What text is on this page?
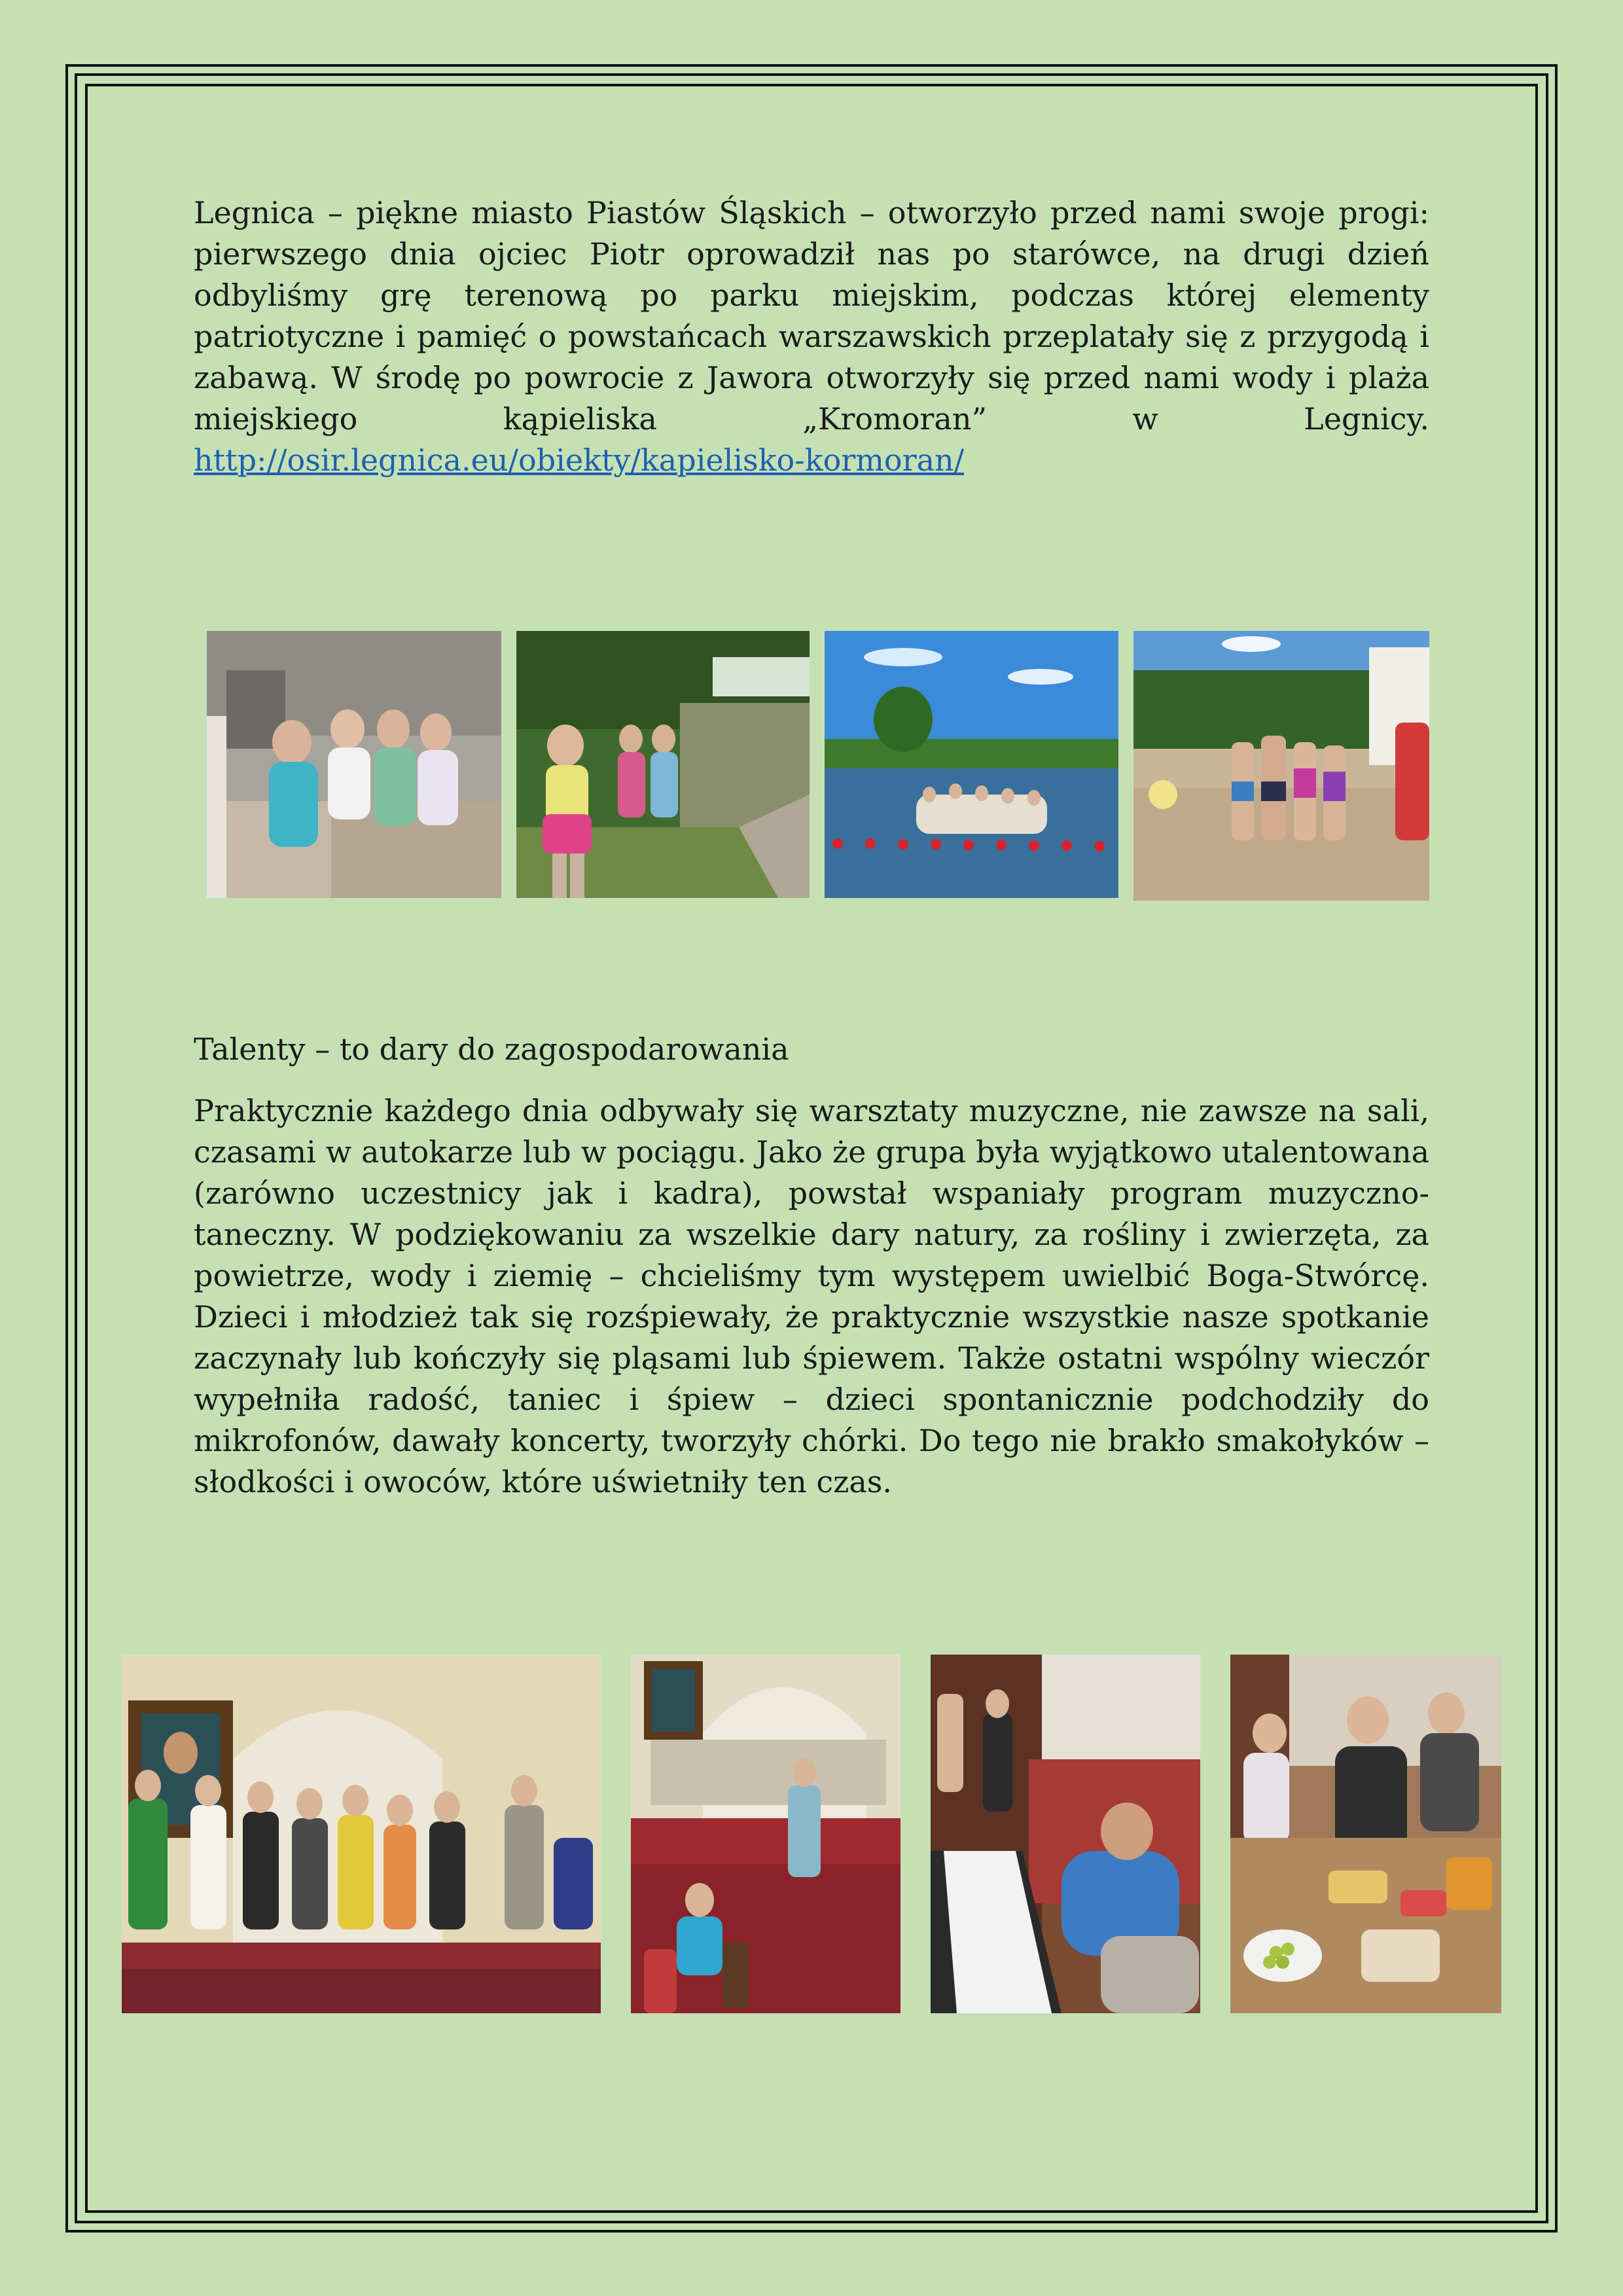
Legnica – piękne miasto Piastów Śląskich – otworzyło przed nami swoje progi: pierwszego dnia ojciec Piotr oprowadził nas po starówce, na drugi dzień odbyliśmy grę terenową po parku miejskim, podczas której elementy patriotyczne i pamięć o powstańcach warszawskich przeplatały się z przygodą i zabawą. W środę po powrocie z Jawora otworzyły się przed nami wody i plaża miejskiego kąpieliska „Kromoran” w Legnicy. http://osir.legnica.eu/obiekty/kapielisko-kormoran/

Talenty – to dary do zagospodarowania

Praktycznie każdego dnia odbywały się warsztaty muzyczne, nie zawsze na sali, czasami w autokarze lub w pociągu. Jako że grupa była wyjątkowo utalentowana (zarówno uczestnicy jak i kadra), powstał wspaniały program muzyczno-taneczny. W podziękowaniu za wszelkie dary natury, za rośliny i zwierzęta, za powietrze, wody i ziemię – chcieliśmy tym występem uwielbić Boga-Stwórcę. Dzieci i młodzież tak się rozśpiewały, że praktycznie wszystkie nasze spotkanie zaczynały lub kończyły się pląsami lub śpiewem. Także ostatni wspólny wieczór wypełniła radość, taniec i śpiew – dzieci spontanicznie podchodziły do mikrofonów, dawały koncerty, tworzyły chórki. Do tego nie brakło smakołyków – słodkości i owoców, które uświetniły ten czas.
